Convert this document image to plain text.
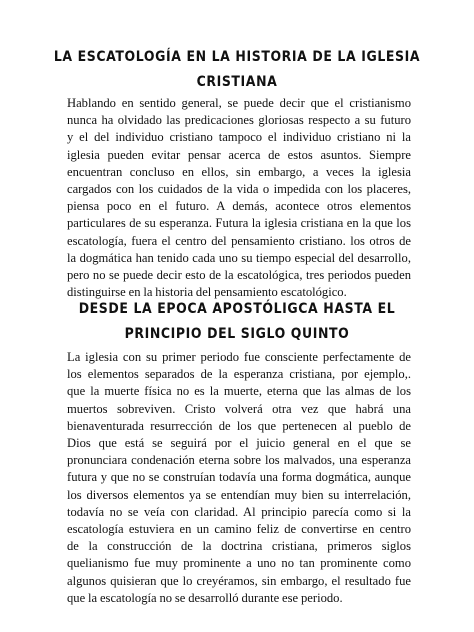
LA ESCATOLOGÍA EN LA HISTORIA DE LA IGLESIA CRISTIANA

Hablando en sentido general, se puede decir que el cristianismo
nunca ha olvidado las predicaciones gloriosas respecto a su futuro
y el del individuo cristiano tampoco el individuo cristiano ni la
iglesia pueden evitar pensar acerca de estos asuntos. Siempre
encuentran concluso en ellos, sin embargo, a veces la iglesia
cargados con los cuidados de la vida o impedida con los placeres,
piensa poco en el futuro. A demás, acontece otros elementos
particulares de su esperanza. Futura la iglesia cristiana en la que los
escatología, fuera el centro del pensamiento cristiano. los otros de
la dogmática han tenido cada uno su tiempo especial del desarrollo,
pero no se puede decir esto de la escatológica, tres periodos pueden
distinguirse en la historia del pensamiento escatológico.

DESDE LA EPOCA APOSTÓLIGCA HASTA EL PRINCIPIO DEL SIGLO QUINTO

La iglesia con su primer periodo fue consciente perfectamente de
los elementos separados de la esperanza cristiana, por ejemplo,.
que la muerte física no es la muerte, eterna que las almas de los
muertos sobreviven. Cristo volverá otra vez que habrá una
bienaventurada resurrección de los que pertenecen al pueblo de
Dios que está se seguirá por el juicio general en el que se
pronunciara condenación eterna sobre los malvados, una esperanza
futura y que no se construían todavía una forma dogmática, aunque
los diversos elementos ya se entendían muy bien su interrelación,
todavía no se veía con claridad. Al principio parecía como si la
escatología estuviera en un camino feliz de convertirse en centro
de la construcción de la doctrina cristiana, primeros siglos
quelianismo fue muy prominente a uno no tan prominente como
algunos quisieran que lo creyéramos, sin embargo, el resultado fue
que la escatología no se desarrolló durante ese periodo.
